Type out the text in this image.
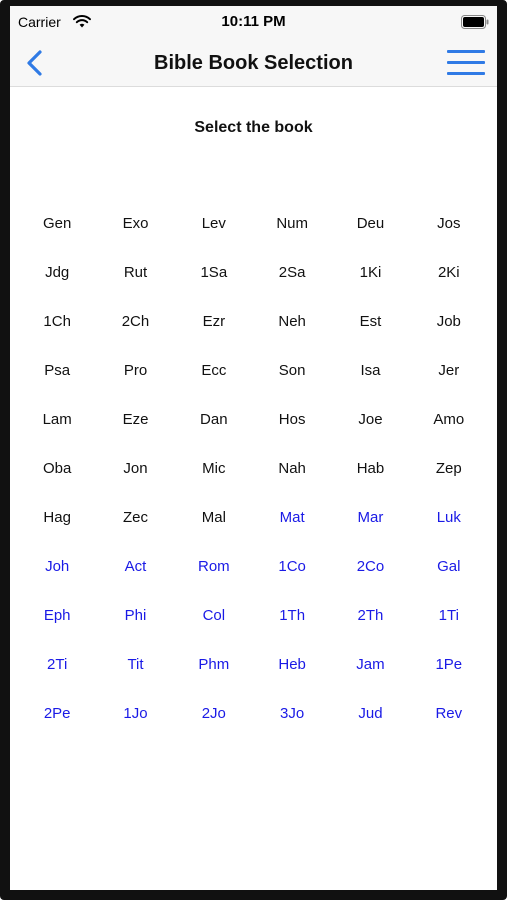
Carrier	10:11 PM
Bible Book Selection
Select the book
Gen	Exo	Lev	Num	Deu	Jos
Jdg	Rut	1Sa	2Sa	1Ki	2Ki
1Ch	2Ch	Ezr	Neh	Est	Job
Psa	Pro	Ecc	Son	Isa	Jer
Lam	Eze	Dan	Hos	Joe	Amo
Oba	Jon	Mic	Nah	Hab	Zep
Hag	Zec	Mal	Mat	Mar	Luk
Joh	Act	Rom	1Co	2Co	Gal
Eph	Phi	Col	1Th	2Th	1Ti
2Ti	Tit	Phm	Heb	Jam	1Pe
2Pe	1Jo	2Jo	3Jo	Jud	Rev
